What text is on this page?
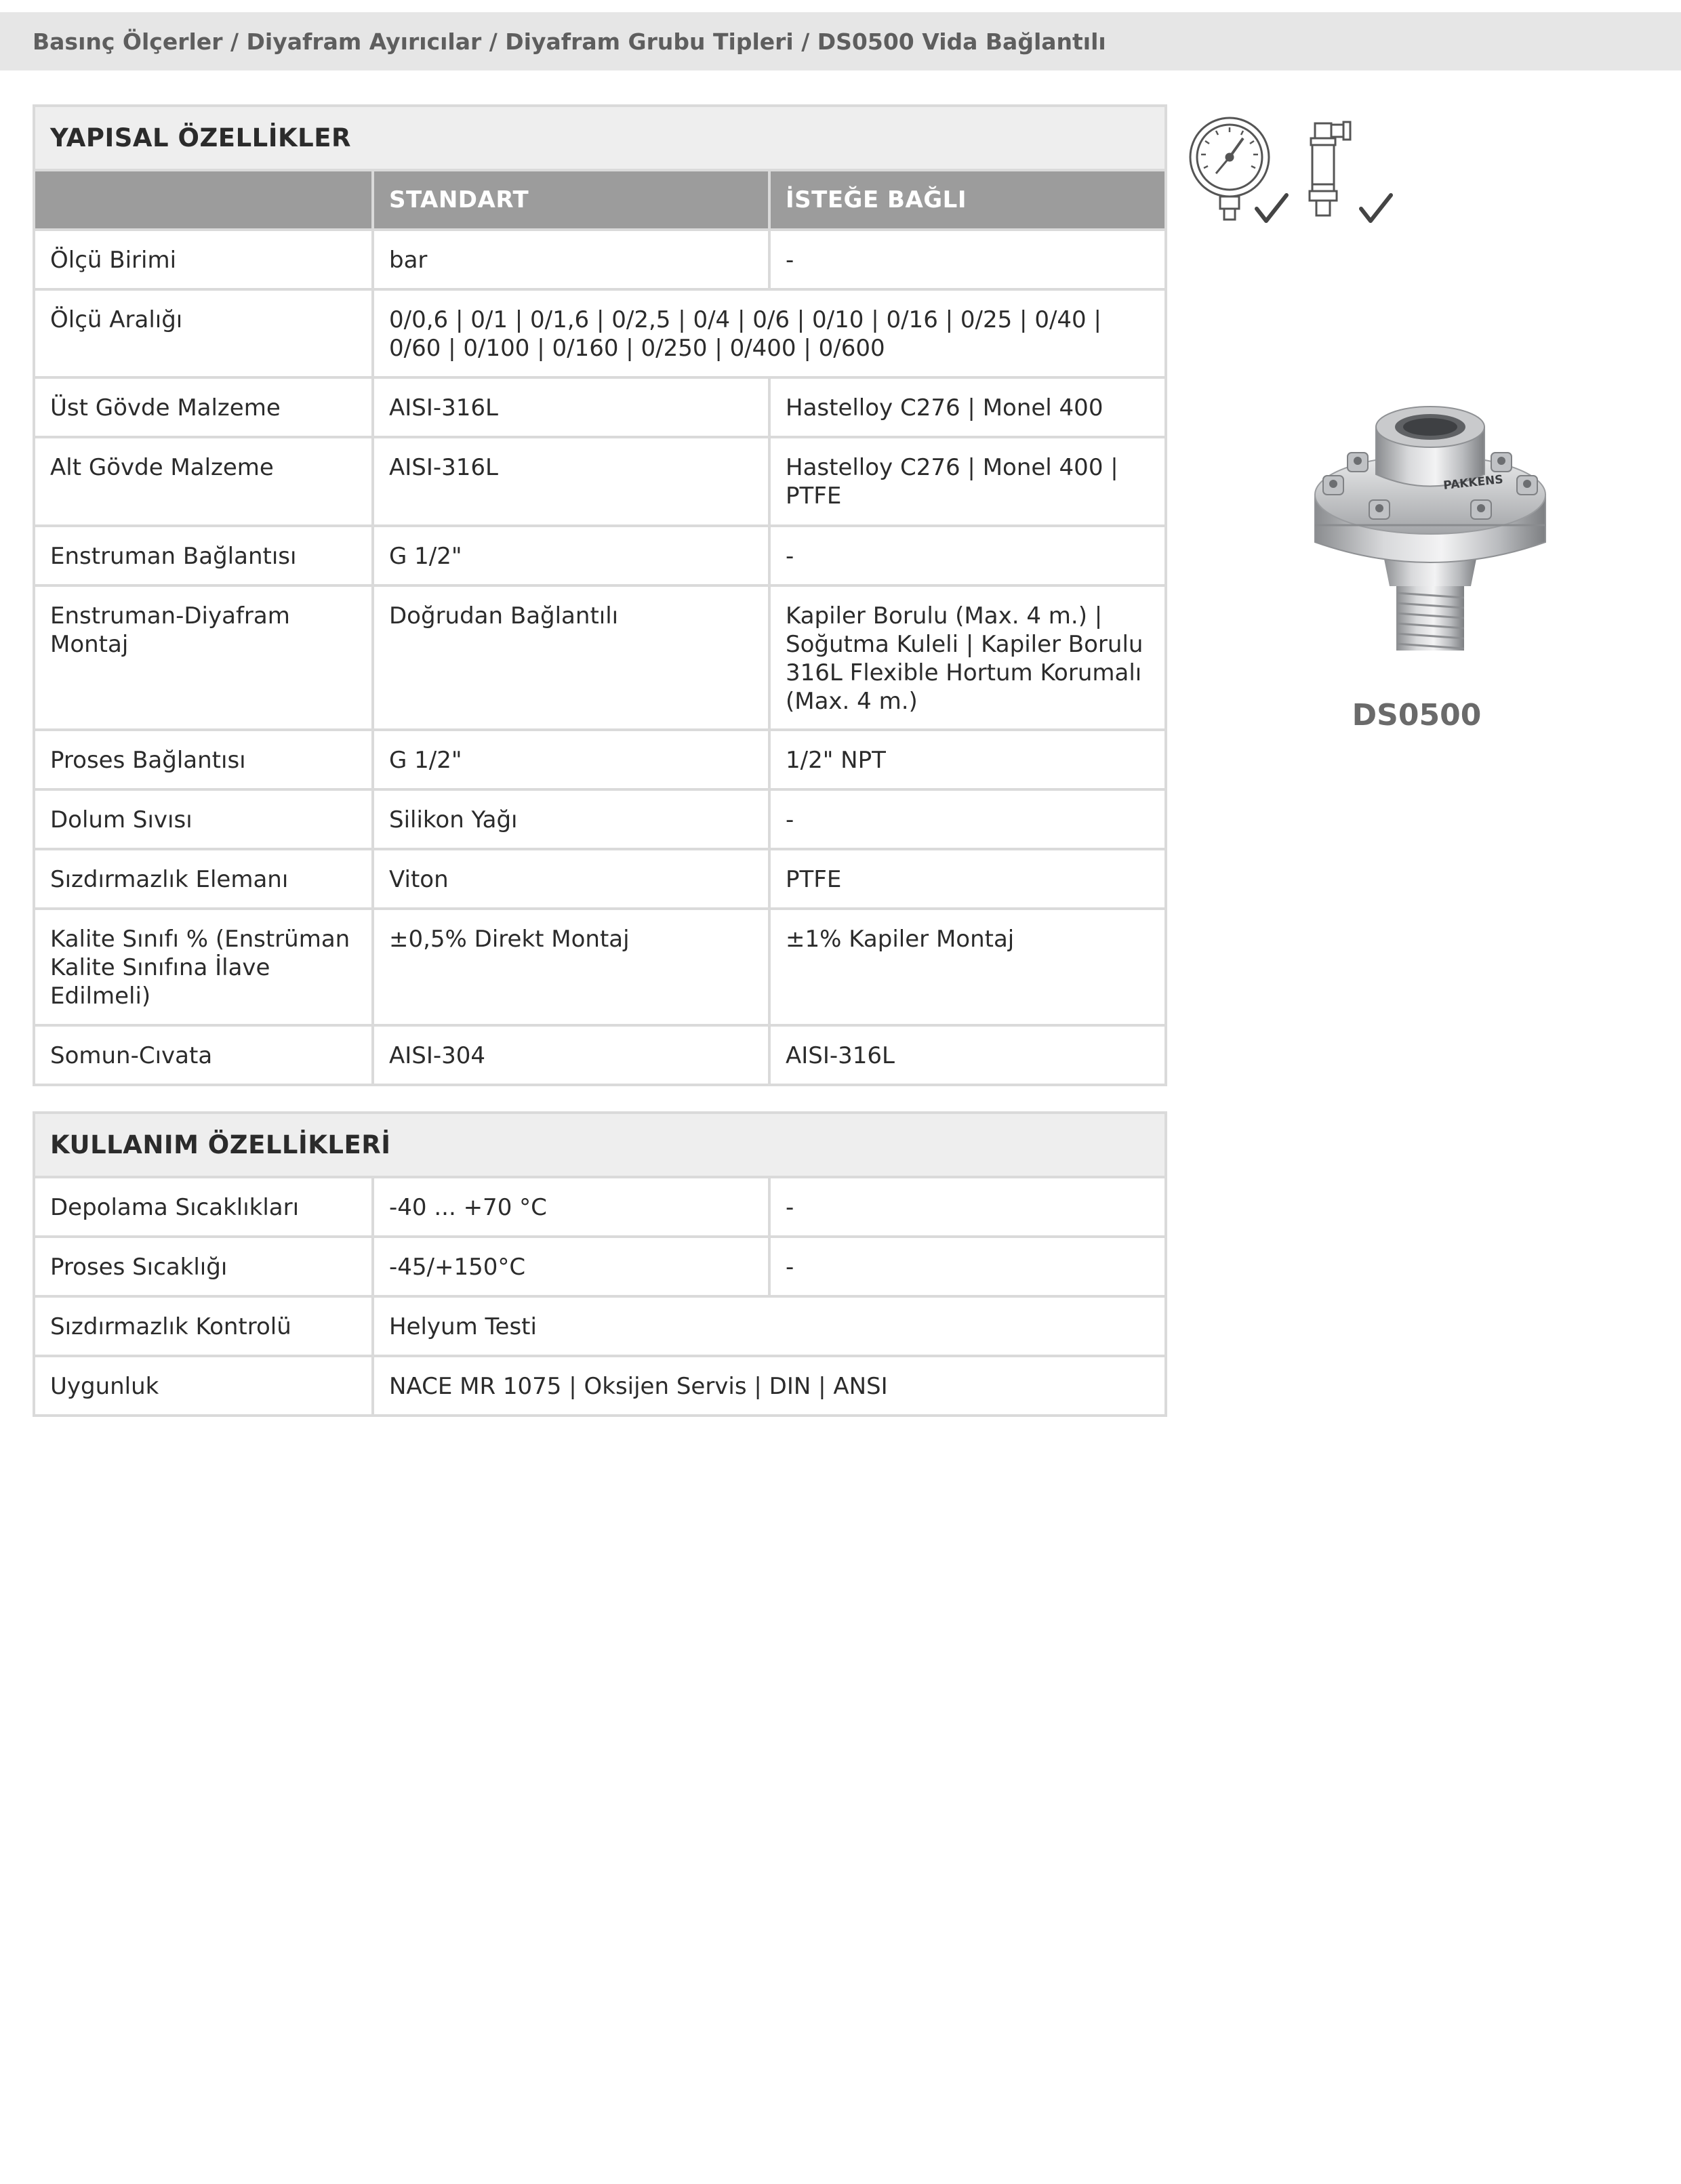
Basınç Ölçerler / Diyafram Ayırıcılar / Diyafram Grubu Tipleri / DS0500 Vida Bağlantılı
YAPISAL ÖZELLİKLER		
	STANDART	İSTEĞE BAĞLI
Ölçü Birimi	bar	-
Ölçü Aralığı	0/0,6 | 0/1 | 0/1,6 | 0/2,5 | 0/4 | 0/6 | 0/10 | 0/16 | 0/25 | 0/40 | 0/60 | 0/100 | 0/160 | 0/250 | 0/400 | 0/600	
Üst Gövde Malzeme	AISI-316L	Hastelloy C276 | Monel 400
Alt Gövde Malzeme	AISI-316L	Hastelloy C276 | Monel 400 | PTFE
Enstruman Bağlantısı	G 1/2"	-
Enstruman-Diyafram Montaj	Doğrudan Bağlantılı	Kapiler Borulu (Max. 4 m.) | Soğutma Kuleli | Kapiler Borulu 316L Flexible Hortum Korumalı (Max. 4 m.)
Proses Bağlantısı	G 1/2"	1/2" NPT
Dolum Sıvısı	Silikon Yağı	-
Sızdırmazlık Elemanı	Viton	PTFE
Kalite Sınıfı % (Enstrüman Kalite Sınıfına İlave Edilmeli)	±0,5% Direkt Montaj	±1% Kapiler Montaj
Somun-Cıvata	AISI-304	AISI-316L
KULLANIM ÖZELLİKLERİ		
Depolama Sıcaklıkları	-40 ... +70 °C	-
Proses Sıcaklığı	-45/+150°C	-
Sızdırmazlık Kontrolü	Helyum Testi	
Uygunluk	NACE MR 1075 | Oksijen Servis | DIN | ANSI	
PAKKENS
DS0500
